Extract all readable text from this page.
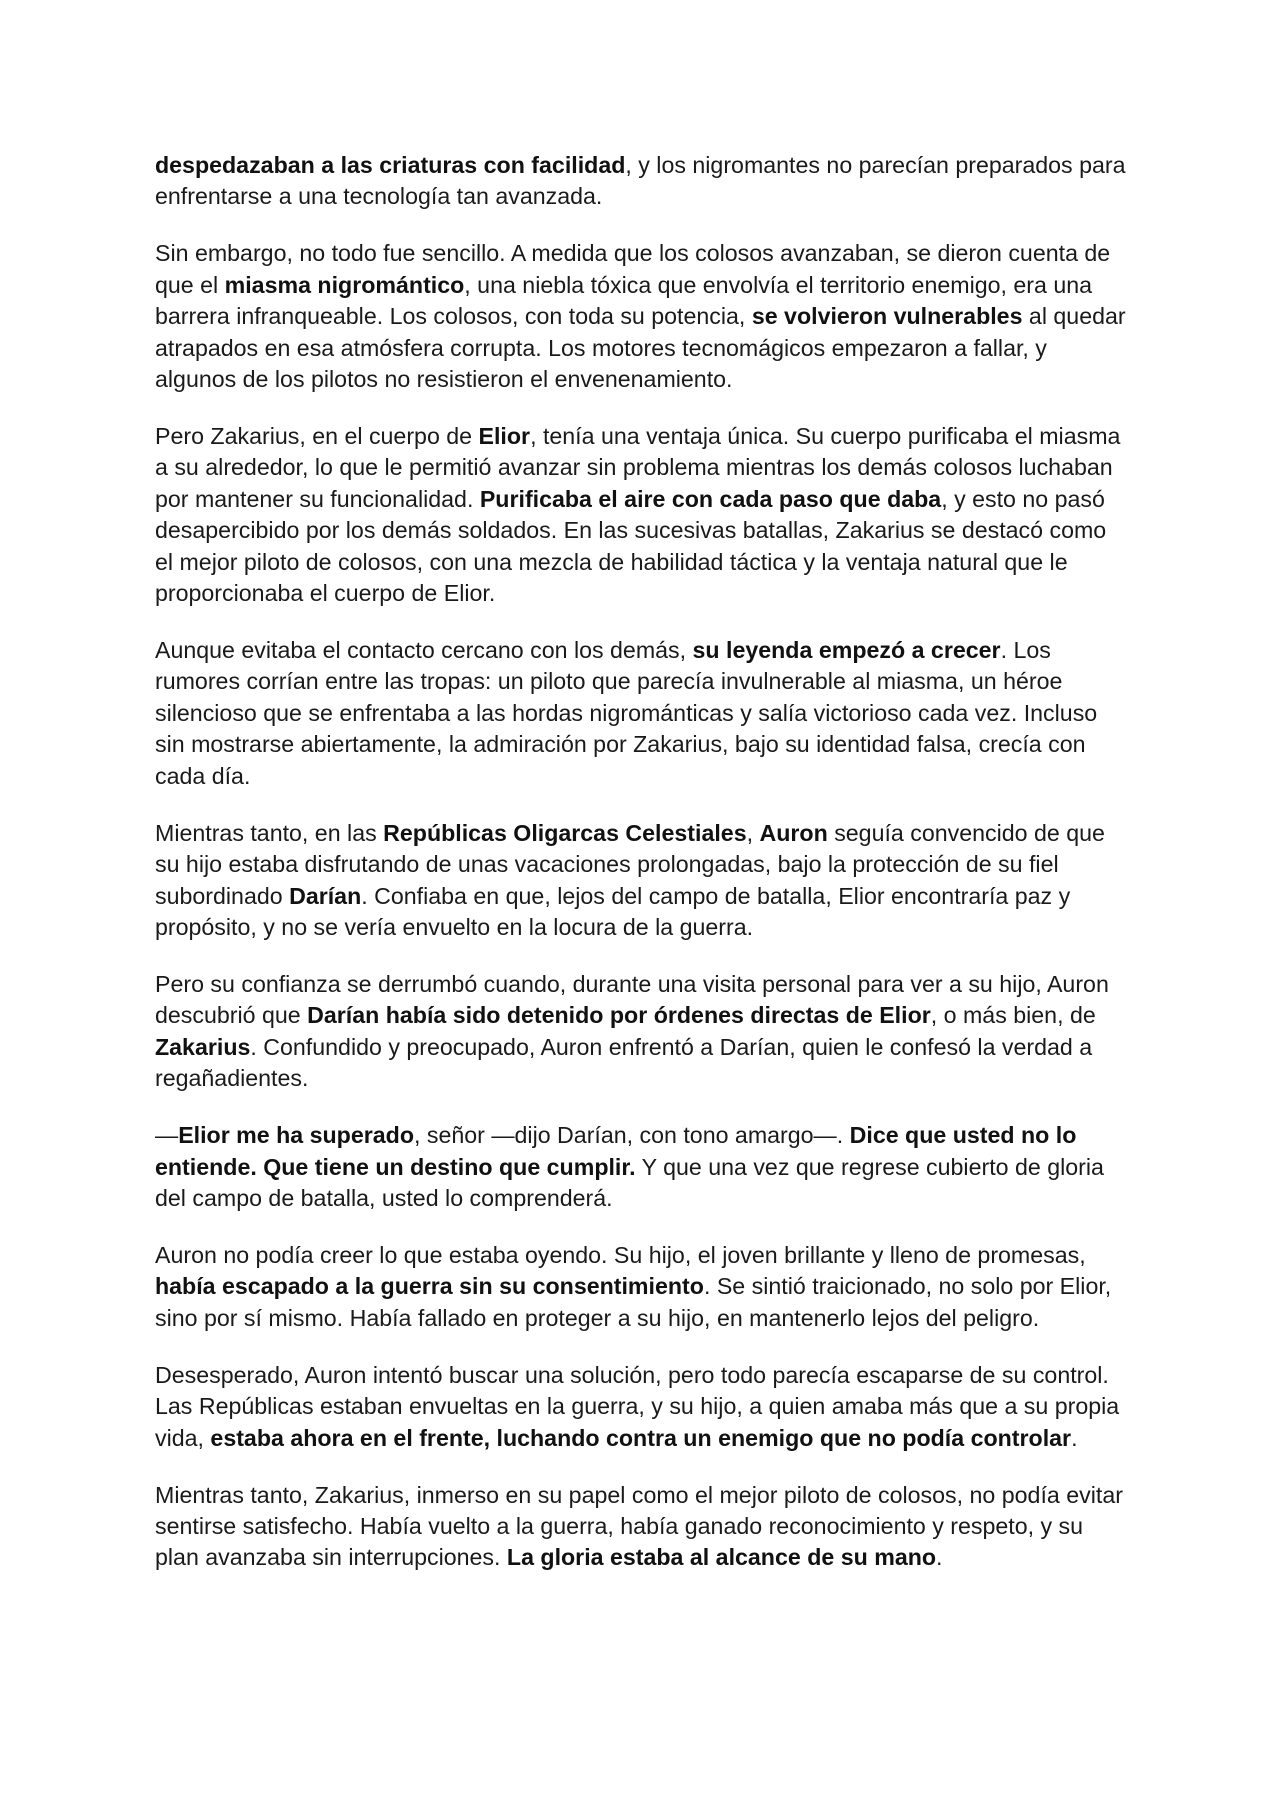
despedazaban a las criaturas con facilidad, y los nigromantes no parecían preparados para enfrentarse a una tecnología tan avanzada.

Sin embargo, no todo fue sencillo. A medida que los colosos avanzaban, se dieron cuenta de que el miasma nigromántico, una niebla tóxica que envolvía el territorio enemigo, era una barrera infranqueable. Los colosos, con toda su potencia, se volvieron vulnerables al quedar atrapados en esa atmósfera corrupta. Los motores tecnomágicos empezaron a fallar, y algunos de los pilotos no resistieron el envenenamiento.

Pero Zakarius, en el cuerpo de Elior, tenía una ventaja única. Su cuerpo purificaba el miasma a su alrededor, lo que le permitió avanzar sin problema mientras los demás colosos luchaban por mantener su funcionalidad. Purificaba el aire con cada paso que daba, y esto no pasó desapercibido por los demás soldados. En las sucesivas batallas, Zakarius se destacó como el mejor piloto de colosos, con una mezcla de habilidad táctica y la ventaja natural que le proporcionaba el cuerpo de Elior.

Aunque evitaba el contacto cercano con los demás, su leyenda empezó a crecer. Los rumores corrían entre las tropas: un piloto que parecía invulnerable al miasma, un héroe silencioso que se enfrentaba a las hordas nigrománticas y salía victorioso cada vez. Incluso sin mostrarse abiertamente, la admiración por Zakarius, bajo su identidad falsa, crecía con cada día.

Mientras tanto, en las Repúblicas Oligarcas Celestiales, Auron seguía convencido de que su hijo estaba disfrutando de unas vacaciones prolongadas, bajo la protección de su fiel subordinado Darían. Confiaba en que, lejos del campo de batalla, Elior encontraría paz y propósito, y no se vería envuelto en la locura de la guerra.

Pero su confianza se derrumbó cuando, durante una visita personal para ver a su hijo, Auron descubrió que Darían había sido detenido por órdenes directas de Elior, o más bien, de Zakarius. Confundido y preocupado, Auron enfrentó a Darían, quien le confesó la verdad a regañadientes.

—Elior me ha superado, señor —dijo Darían, con tono amargo—. Dice que usted no lo entiende. Que tiene un destino que cumplir. Y que una vez que regrese cubierto de gloria del campo de batalla, usted lo comprenderá.

Auron no podía creer lo que estaba oyendo. Su hijo, el joven brillante y lleno de promesas, había escapado a la guerra sin su consentimiento. Se sintió traicionado, no solo por Elior, sino por sí mismo. Había fallado en proteger a su hijo, en mantenerlo lejos del peligro.

Desesperado, Auron intentó buscar una solución, pero todo parecía escaparse de su control. Las Repúblicas estaban envueltas en la guerra, y su hijo, a quien amaba más que a su propia vida, estaba ahora en el frente, luchando contra un enemigo que no podía controlar.

Mientras tanto, Zakarius, inmerso en su papel como el mejor piloto de colosos, no podía evitar sentirse satisfecho. Había vuelto a la guerra, había ganado reconocimiento y respeto, y su plan avanzaba sin interrupciones. La gloria estaba al alcance de su mano.
